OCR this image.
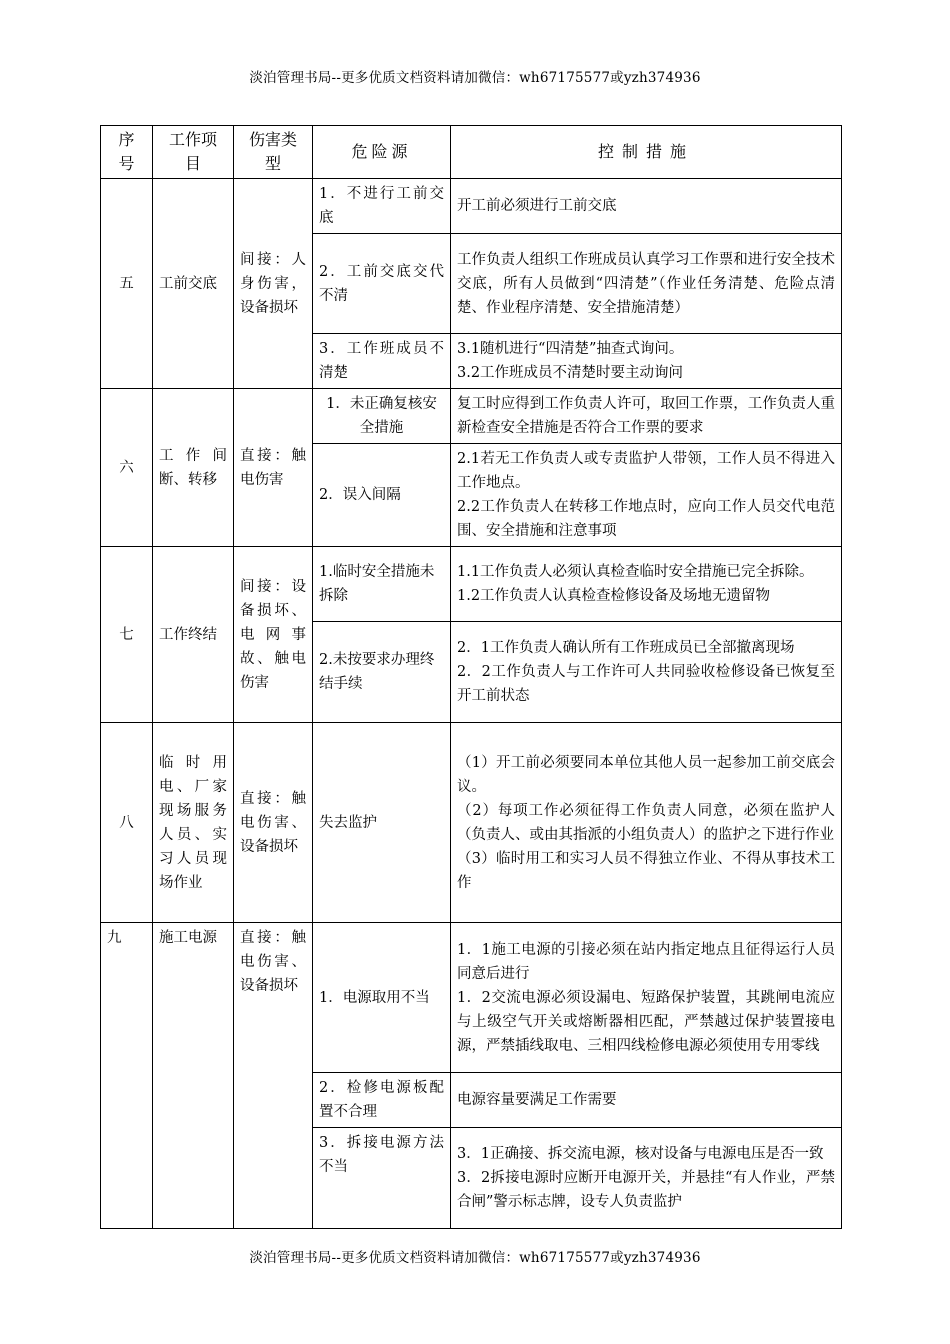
淡泊管理书局--更多优质文档资料请加微信：wh67175577或yzh374936
序号	工作项目	伤害类型	危险源	控制措施
五	工前交底	间接：人身伤害，设备损坏	1．不进行工前交底	开工前必须进行工前交底

			2．工前交底交代不清	工作负责人组织工作班成员认真学习工作票和进行安全技术交底，所有人员做到“四清楚”（作业任务清楚、危险点清楚、作业程序清楚、安全措施清楚）

			3．工作班成员不清楚	3.1随机进行“四清楚”抽查式询问。
3.2工作班成员不清楚时要主动询问

六	工作间断、转移	直接：触电伤害	1．未正确复核安全措施	复工时应得到工作负责人许可，取回工作票，工作负责人重新检查安全措施是否符合工作票的要求

			2．误入间隔	2.1若无工作负责人或专责监护人带领，工作人员不得进入工作地点。
2.2工作负责人在转移工作地点时，应向工作人员交代电范围、安全措施和注意事项

七	工作终结	间接：设备损坏、电网事故、触电伤害	1.临时安全措施未拆除	1.1工作负责人必须认真检查临时安全措施已完全拆除。
1.2工作负责人认真检查检修设备及场地无遗留物

			2.未按要求办理终结手续	2．1工作负责人确认所有工作班成员已全部撤离现场
2．2工作负责人与工作许可人共同验收检修设备已恢复至开工前状态

八	临时用电、厂家现场服务人员、实习人员现场作业	直接：触电伤害、设备损坏	失去监护	（1）开工前必须要同本单位其他人员一起参加工前交底会议。
（2）每项工作必须征得工作负责人同意，必须在监护人（负责人、或由其指派的小组负责人）的监护之下进行作业
（3）临时用工和实习人员不得独立作业、不得从事技术工作

九	施工电源	直接：触电伤害、设备损坏	1．电源取用不当	1．1施工电源的引接必须在站内指定地点且征得运行人员同意后进行
1．2交流电源必须设漏电、短路保护装置，其跳闸电流应与上级空气开关或熔断器相匹配，严禁越过保护装置接电源，严禁插线取电、三相四线检修电源必须使用专用零线

			2．检修电源板配置不合理	电源容量要满足工作需要

			3．拆接电源方法不当	3．1正确接、拆交流电源，核对设备与电源电压是否一致
3．2拆接电源时应断开电源开关，并悬挂“有人作业，严禁合闸”警示标志牌，设专人负责监护
淡泊管理书局--更多优质文档资料请加微信：wh67175577或yzh374936
